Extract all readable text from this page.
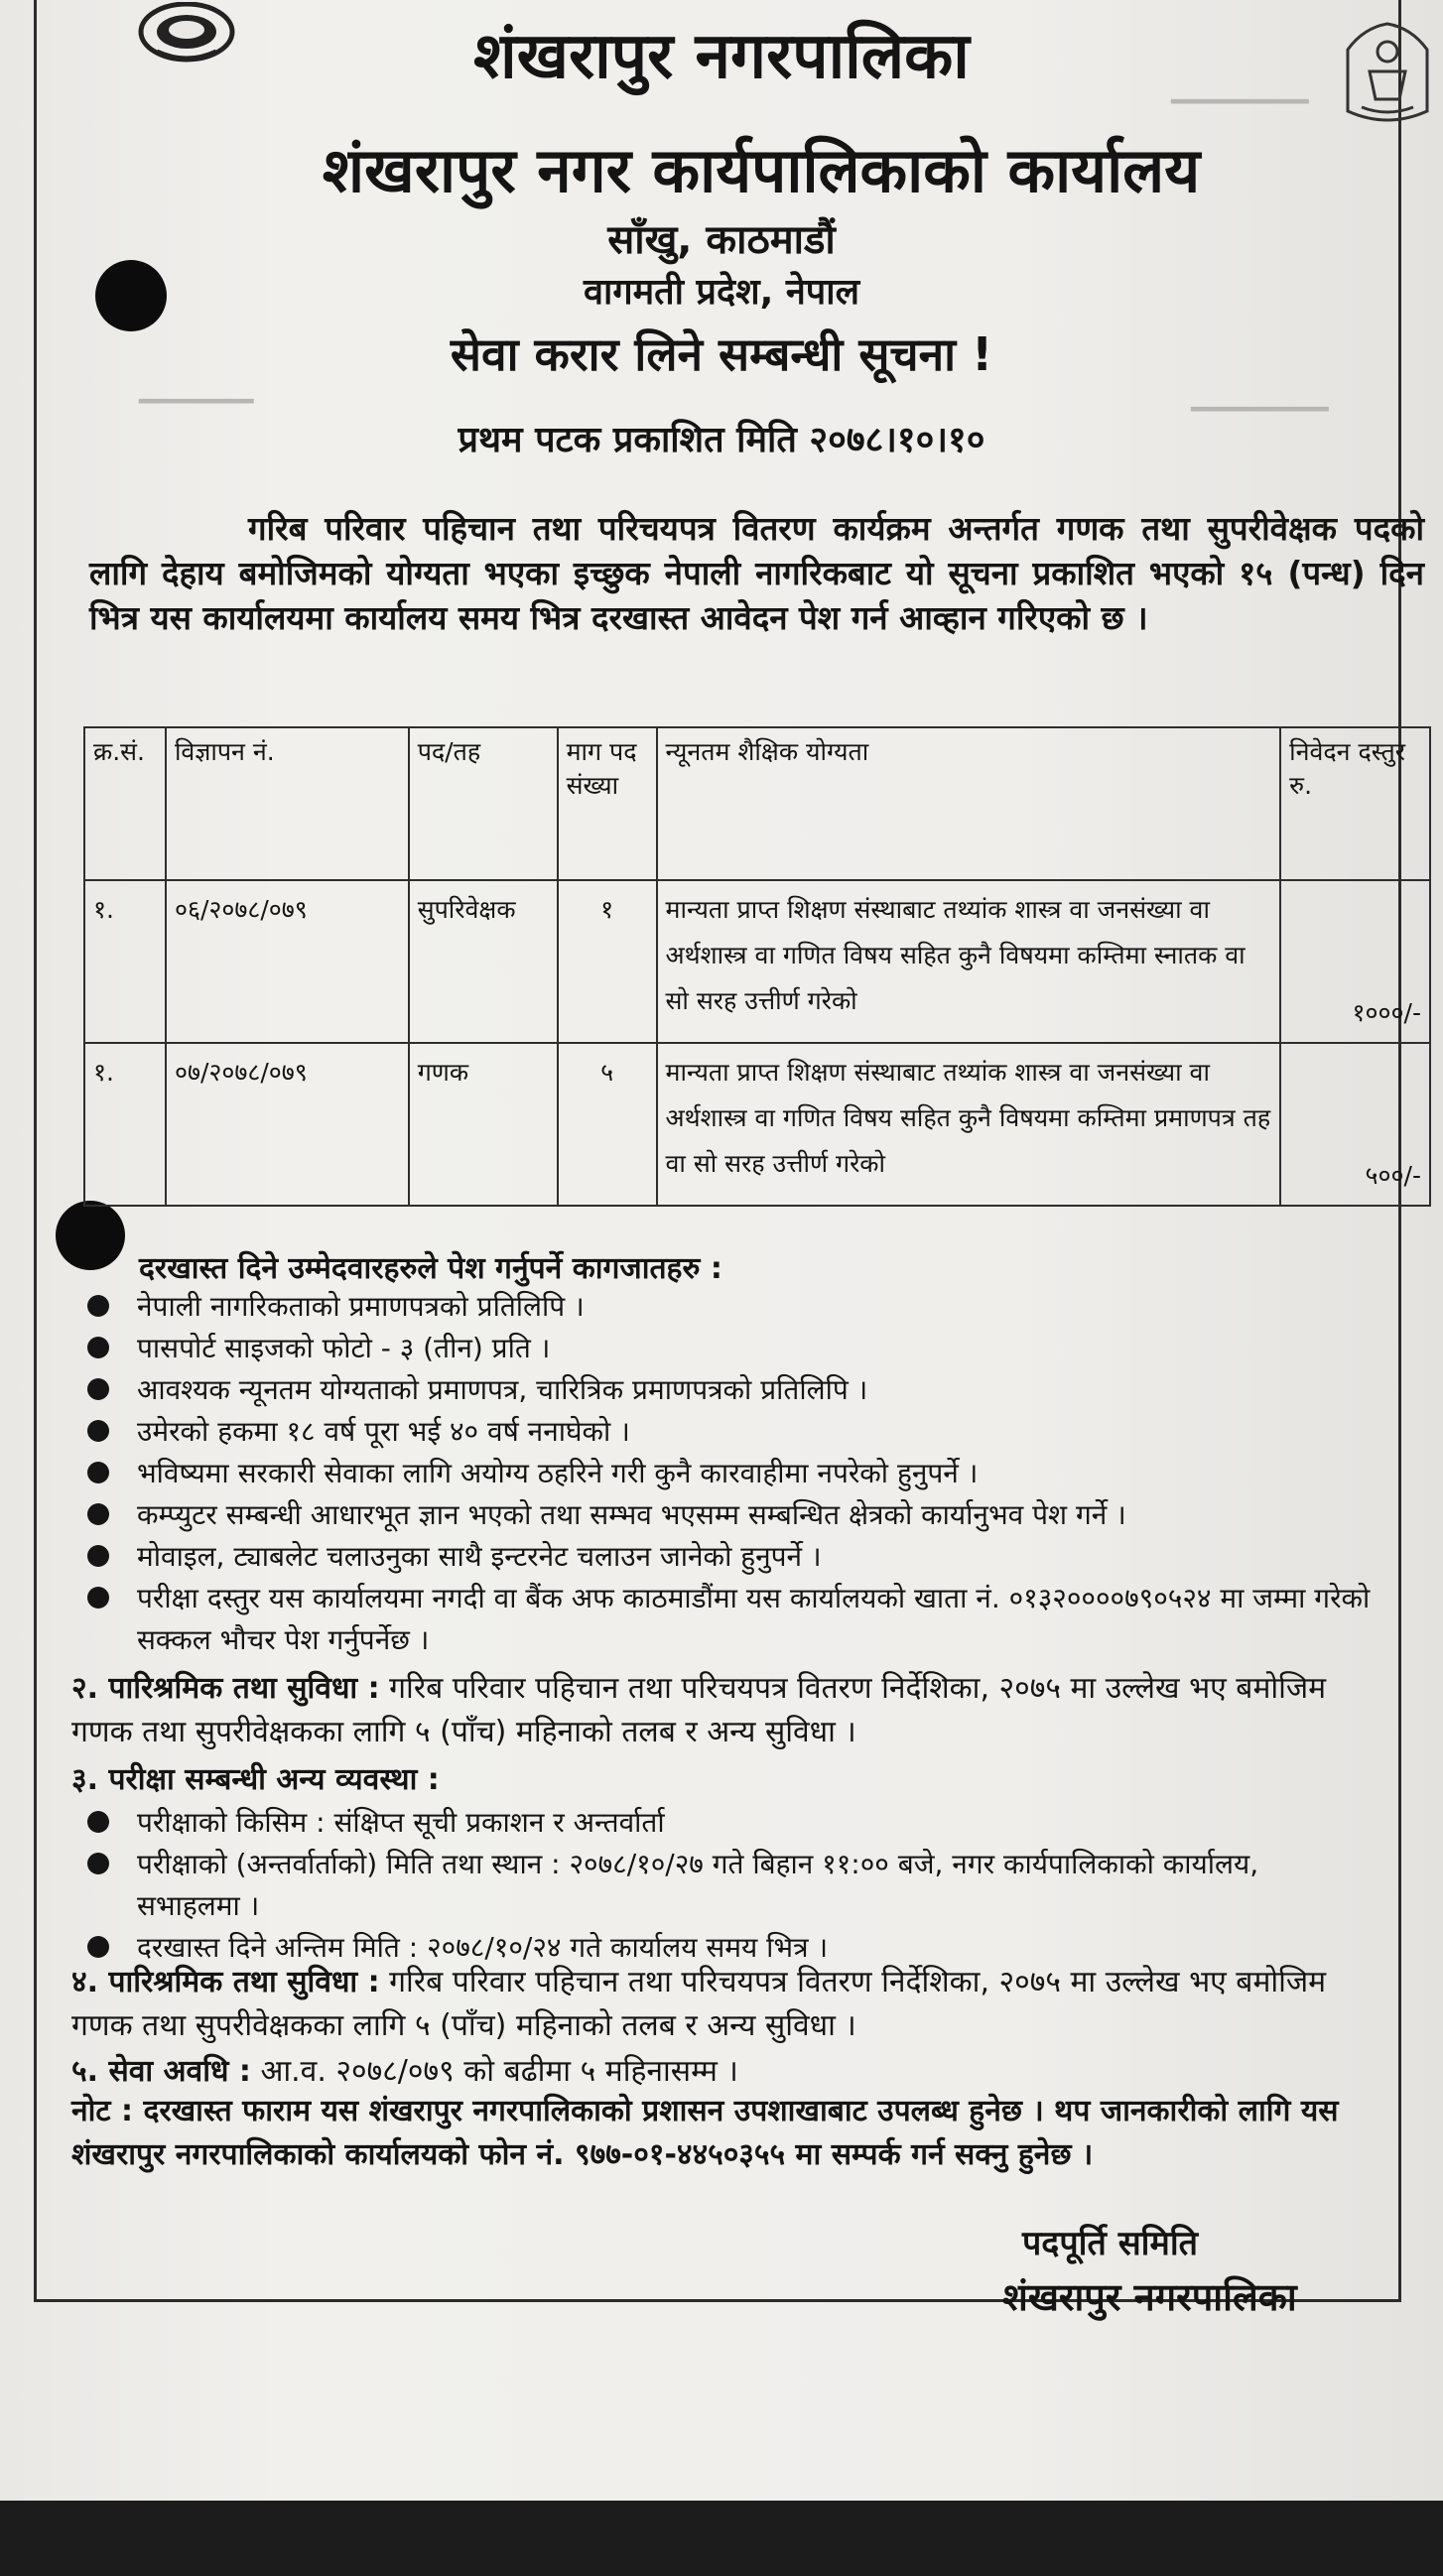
▁▁▁▁▁▁
▁▁▁▁▁	▁▁▁▁▁▁
शंखरापुर नगरपालिका
शंखरापुर नगर कार्यपालिकाको कार्यालय
साँखु, काठमाडौं
वागमती प्रदेश, नेपाल
सेवा करार लिने सम्बन्धी सूचना !
प्रथम पटक प्रकाशित मिति २०७८।१०।१०
गरिब परिवार पहिचान तथा परिचयपत्र वितरण कार्यक्रम अन्तर्गत गणक तथा सुपरीवेक्षक पदको लागि देहाय बमोजिमको योग्यता भएका इच्छुक नेपाली नागरिकबाट यो सूचना प्रकाशित भएको १५ (पन्ध) दिन भित्र यस कार्यालयमा कार्यालय समय भित्र दरखास्त आवेदन पेश गर्न आव्हान गरिएको छ ।
क्र.सं.	विज्ञापन नं.	पद/तह	माग पद संख्या	न्यूनतम शैक्षिक योग्यता	निवेदन दस्तुर रु.
१.	०६/२०७८/०७९	सुपरिवेक्षक	१	मान्यता प्राप्त शिक्षण संस्थाबाट तथ्यांक शास्त्र वा जनसंख्या वा अर्थशास्त्र वा गणित विषय सहित कुनै विषयमा कम्तिमा स्नातक वा सो सरह उत्तीर्ण गरेको	१०००/-
१.	०७/२०७८/०७९	गणक	५	मान्यता प्राप्त शिक्षण संस्थाबाट तथ्यांक शास्त्र वा जनसंख्या वा अर्थशास्त्र वा गणित विषय सहित कुनै विषयमा कम्तिमा प्रमाणपत्र तह वा सो सरह उत्तीर्ण गरेको	५००/-
दरखास्त दिने उम्मेदवारहरुले पेश गर्नुपर्ने कागजातहरु :
नेपाली नागरिकताको प्रमाणपत्रको प्रतिलिपि ।
पासपोर्ट साइजको फोटो - ३ (तीन) प्रति ।
आवश्यक न्यूनतम योग्यताको प्रमाणपत्र, चारित्रिक प्रमाणपत्रको प्रतिलिपि ।
उमेरको हकमा १८ वर्ष पूरा भई ४० वर्ष ननाघेको ।
भविष्यमा सरकारी सेवाका लागि अयोग्य ठहरिने गरी कुनै कारवाहीमा नपरेको हुनुपर्ने ।
कम्प्युटर सम्बन्धी आधारभूत ज्ञान भएको तथा सम्भव भएसम्म सम्बन्धित क्षेत्रको कार्यानुभव पेश गर्ने ।
मोवाइल, ट्याबलेट चलाउनुका साथै इन्टरनेट चलाउन जानेको हुनुपर्ने ।
परीक्षा दस्तुर यस कार्यालयमा नगदी वा बैंक अफ काठमाडौंमा यस कार्यालयको खाता नं. ०१३२००००७९०५२४ मा जम्मा गरेको सक्कल भौचर पेश गर्नुपर्नेछ ।
२. पारिश्रमिक तथा सुविधा : गरिब परिवार पहिचान तथा परिचयपत्र वितरण निर्देशिका, २०७५ मा उल्लेख भए बमोजिम गणक तथा सुपरीवेक्षकका लागि ५ (पाँच) महिनाको तलब र अन्य सुविधा ।
३. परीक्षा सम्बन्धी अन्य व्यवस्था :
परीक्षाको किसिम : संक्षिप्त सूची प्रकाशन र अन्तर्वार्ता
परीक्षाको (अन्तर्वार्ताको) मिति तथा स्थान : २०७८/१०/२७ गते बिहान ११:०० बजे, नगर कार्यपालिकाको कार्यालय, सभाहलमा ।
दरखास्त दिने अन्तिम मिति : २०७८/१०/२४ गते कार्यालय समय भित्र ।
४. पारिश्रमिक तथा सुविधा : गरिब परिवार पहिचान तथा परिचयपत्र वितरण निर्देशिका, २०७५ मा उल्लेख भए बमोजिम गणक तथा सुपरीवेक्षकका लागि ५ (पाँच) महिनाको तलब र अन्य सुविधा ।
५. सेवा अवधि : आ.व. २०७८/०७९ को बढीमा ५ महिनासम्म ।
नोट : दरखास्त फाराम यस शंखरापुर नगरपालिकाको प्रशासन उपशाखाबाट उपलब्ध हुनेछ । थप जानकारीको लागि यस शंखरापुर नगरपालिकाको कार्यालयको फोन नं. ९७७-०१-४४५०३५५ मा सम्पर्क गर्न सक्नु हुनेछ ।
पदपूर्ति समिति
शंखरापुर नगरपालिका
